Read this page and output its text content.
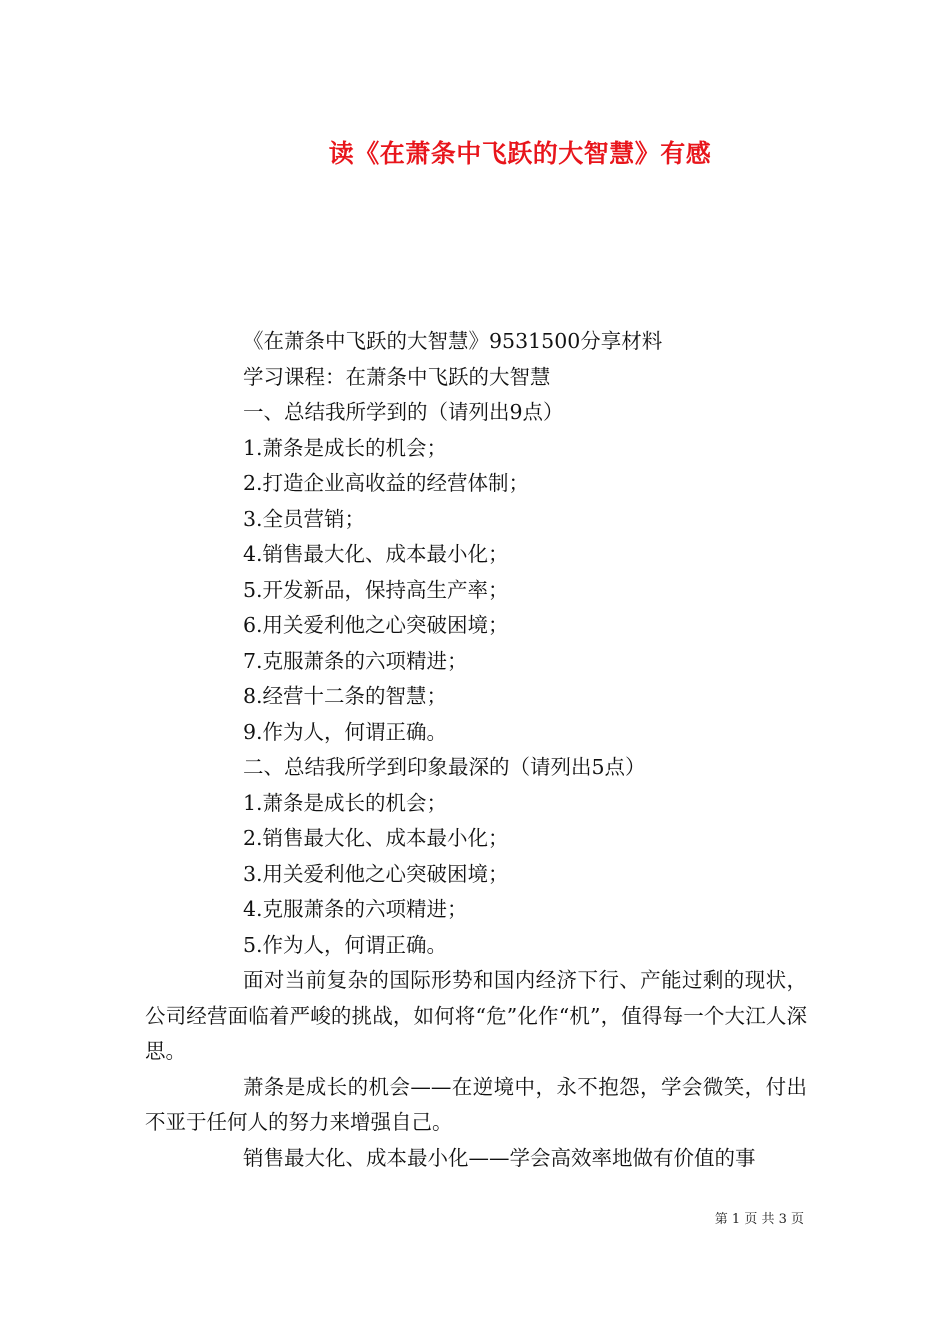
读《在萧条中飞跃的大智慧》有感
《在萧条中飞跃的大智慧》9531500分享材料
学习课程：在萧条中飞跃的大智慧
一、总结我所学到的（请列出9点）
1.萧条是成长的机会；
2.打造企业高收益的经营体制；
3.全员营销；
4.销售最大化、成本最小化；
5.开发新品，保持高生产率；
6.用关爱利他之心突破困境；
7.克服萧条的六项精进；
8.经营十二条的智慧；
9.作为人，何谓正确。
二、总结我所学到印象最深的（请列出5点）
1.萧条是成长的机会；
2.销售最大化、成本最小化；
3.用关爱利他之心突破困境；
4.克服萧条的六项精进；
5.作为人，何谓正确。
面对当前复杂的国际形势和国内经济下行、产能过剩的现状，公司经营面临着严峻的挑战，如何将“危”化作“机”，值得每一个大江人深思。
萧条是成长的机会——在逆境中，永不抱怨，学会微笑，付出不亚于任何人的努力来增强自己。
销售最大化、成本最小化——学会高效率地做有价值的事
第 1 页 共 3 页
